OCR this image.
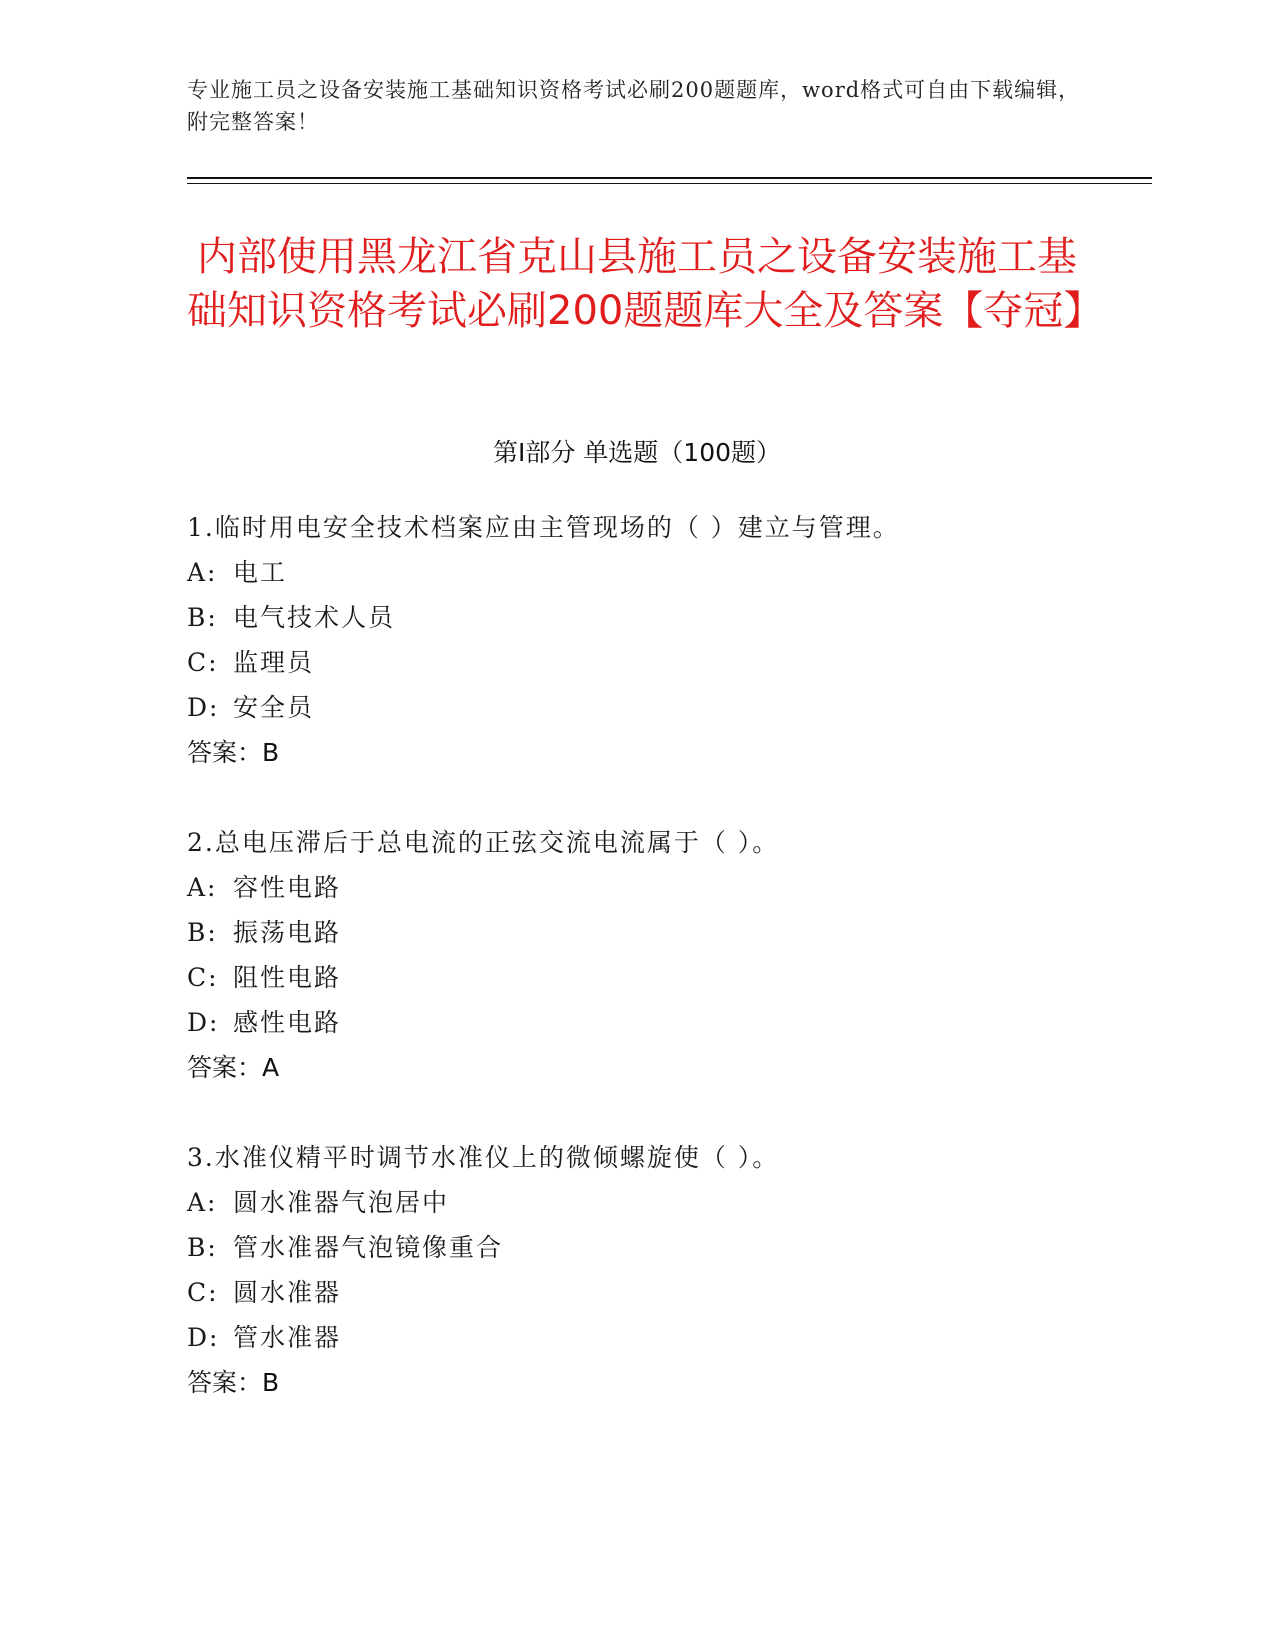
专业施工员之设备安装施工基础知识资格考试必刷200题题库，word格式可自由下载编辑，附完整答案！
内部使用黑龙江省克山县施工员之设备安装施工基础知识资格考试必刷200题题库大全及答案【夺冠】
第Ⅰ部分 单选题（100题）
1.临时用电安全技术档案应由主管现场的（ ）建立与管理。
A: 电工
B: 电气技术人员
C: 监理员
D: 安全员
答案：B
2.总电压滞后于总电流的正弦交流电流属于（ ）。
A: 容性电路
B: 振荡电路
C: 阻性电路
D: 感性电路
答案：A
3.水准仪精平时调节水准仪上的微倾螺旋使（ ）。
A: 圆水准器气泡居中
B: 管水准器气泡镜像重合
C: 圆水准器
D: 管水准器
答案：B
